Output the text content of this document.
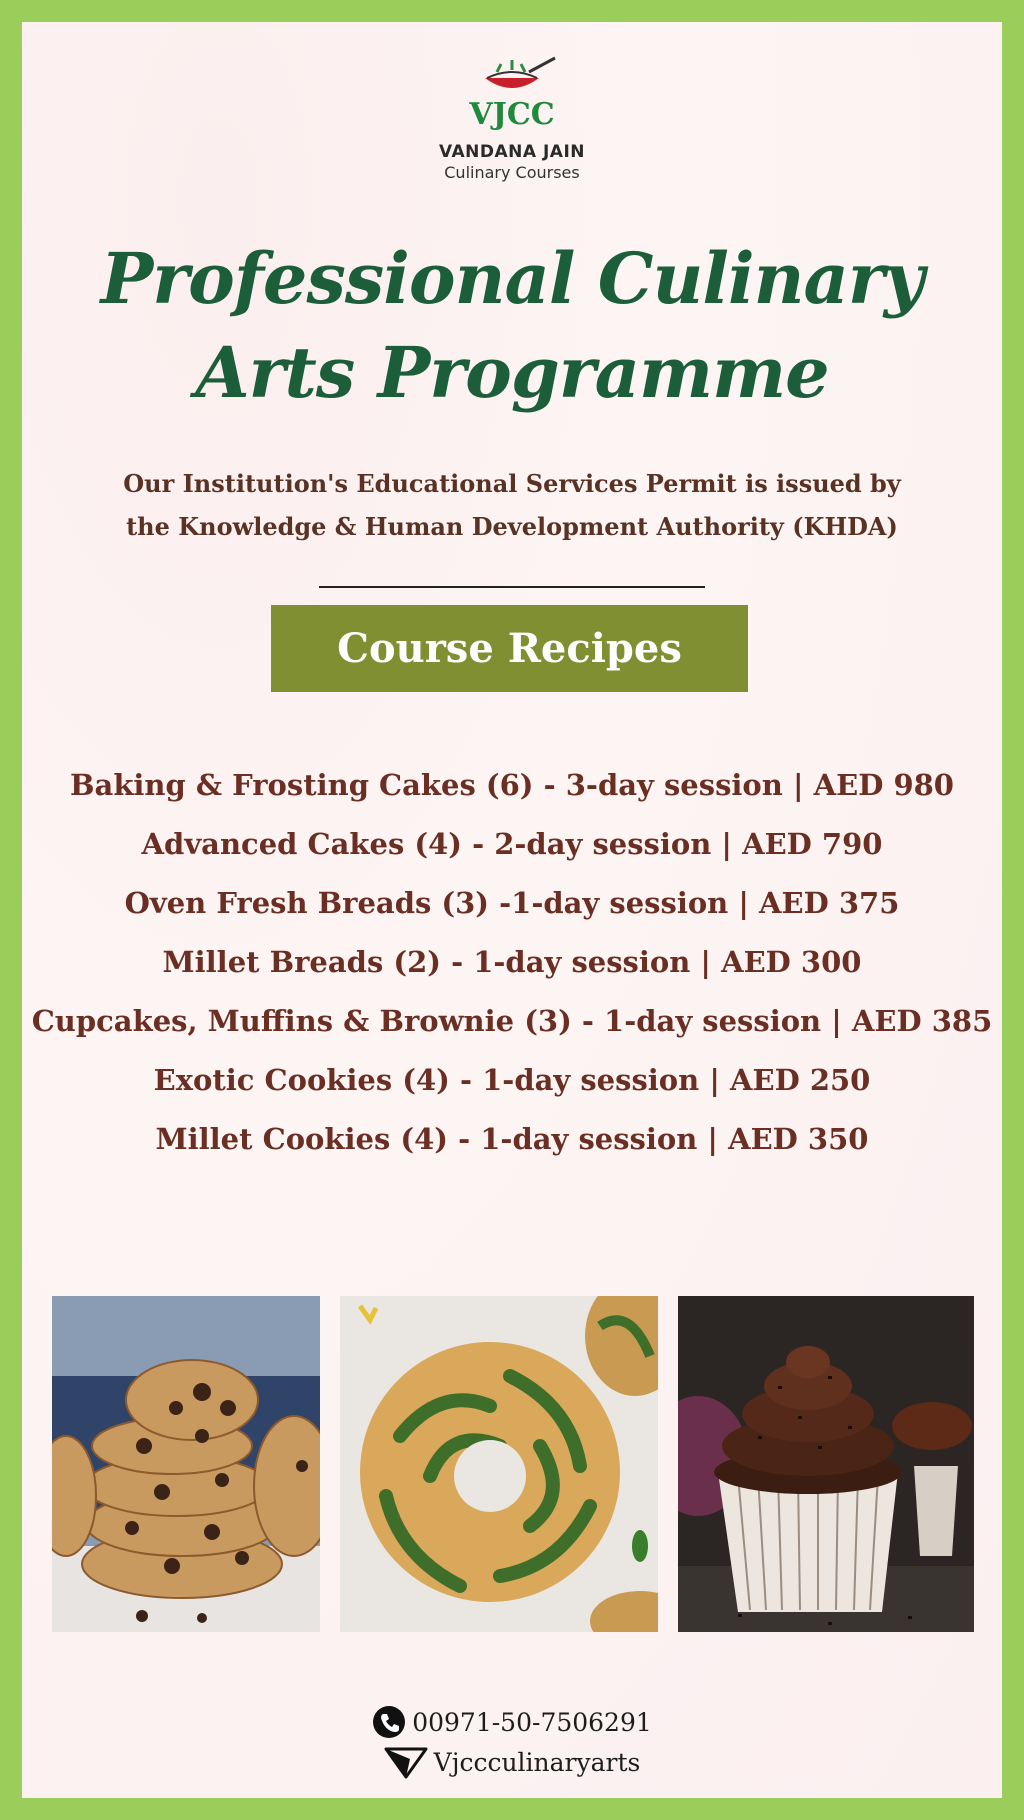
VJCC
VANDANA JAIN
Culinary Courses
Professional Culinary
Arts Programme
Our Institution's Educational Services Permit is issued by
the Knowledge & Human Development Authority (KHDA)
Course Recipes
Baking & Frosting Cakes (6) - 3-day session | AED 980
Advanced Cakes (4) - 2-day session | AED 790
Oven Fresh Breads (3) -1-day session | AED 375
Millet Breads (2) - 1-day session | AED 300
Cupcakes, Muffins & Brownie (3) - 1-day session | AED 385
Exotic Cookies (4) - 1-day session | AED 250
Millet Cookies (4) - 1-day session | AED 350
00971-50-7506291
Vjccculinaryarts
